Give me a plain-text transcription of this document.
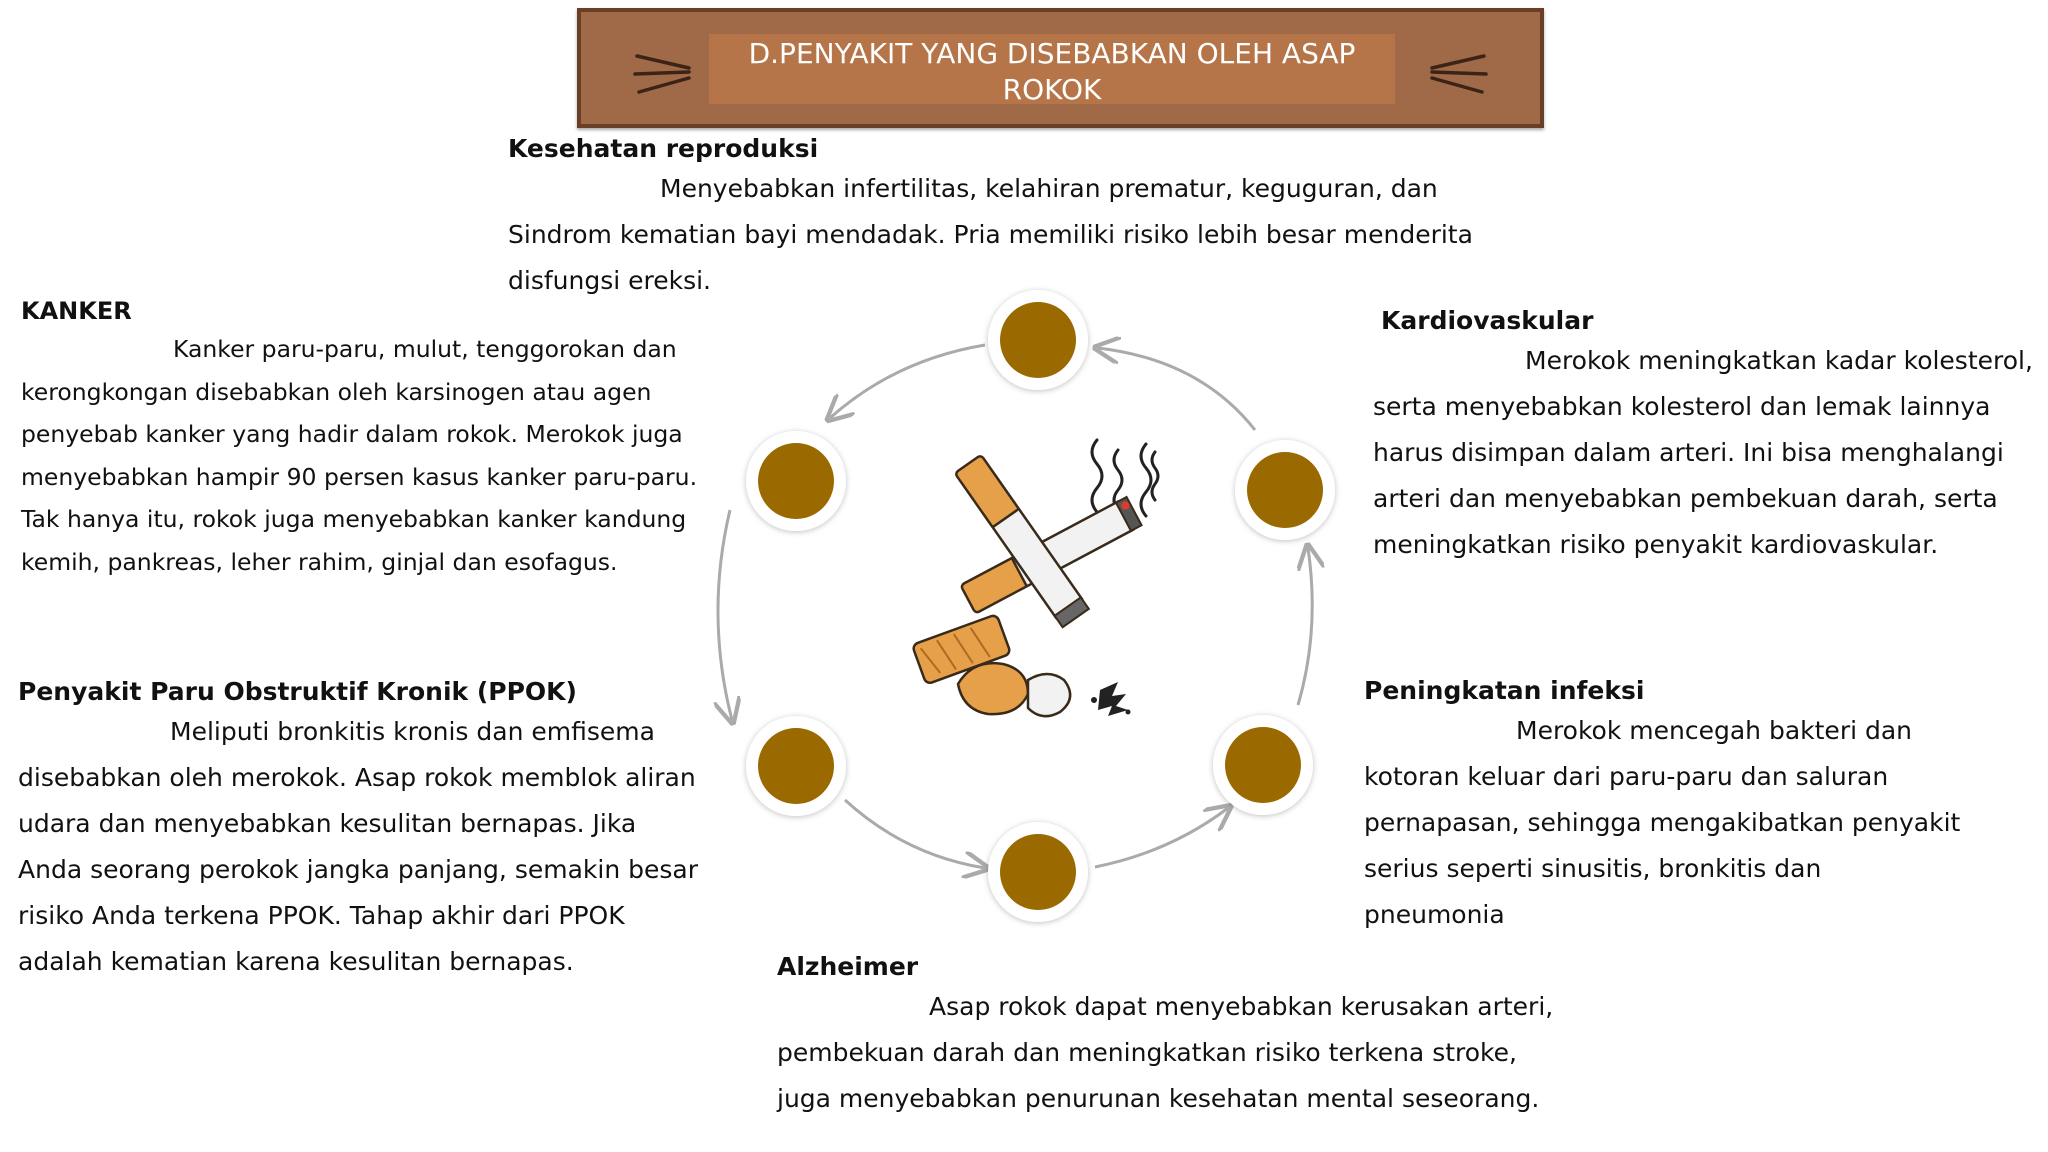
D.PENYAKIT YANG DISEBABKAN OLEH ASAP ROKOK
Kesehatan reproduksi

Menyebabkan infertilitas, kelahiran prematur, keguguran, dan Sindrom kematian bayi mendadak. Pria memiliki risiko lebih besar menderita disfungsi ereksi.

KANKER

Kanker paru-paru, mulut, tenggorokan dan kerongkongan disebabkan oleh karsinogen atau agen penyebab kanker yang hadir dalam rokok. Merokok juga menyebabkan hampir 90 persen kasus kanker paru-paru. Tak hanya itu, rokok juga menyebabkan kanker kandung kemih, pankreas, leher rahim, ginjal dan esofagus.

Kardiovaskular

Merokok meningkatkan kadar kolesterol, serta menyebabkan kolesterol dan lemak lainnya harus disimpan dalam arteri. Ini bisa menghalangi arteri dan menyebabkan pembekuan darah, serta meningkatkan risiko penyakit kardiovaskular.

Penyakit Paru Obstruktif Kronik (PPOK)

Meliputi bronkitis kronis dan emfisema disebabkan oleh merokok. Asap rokok memblok aliran udara dan menyebabkan kesulitan bernapas. Jika Anda seorang perokok jangka panjang, semakin besar risiko Anda terkena PPOK. Tahap akhir dari PPOK adalah kematian karena kesulitan bernapas.

Peningkatan infeksi

Merokok mencegah bakteri dan kotoran keluar dari paru-paru dan saluran pernapasan, sehingga mengakibatkan penyakit serius seperti sinusitis, bronkitis dan pneumonia

Alzheimer

Asap rokok dapat menyebabkan kerusakan arteri, pembekuan darah dan meningkatkan risiko terkena stroke, juga menyebabkan penurunan kesehatan mental seseorang.
